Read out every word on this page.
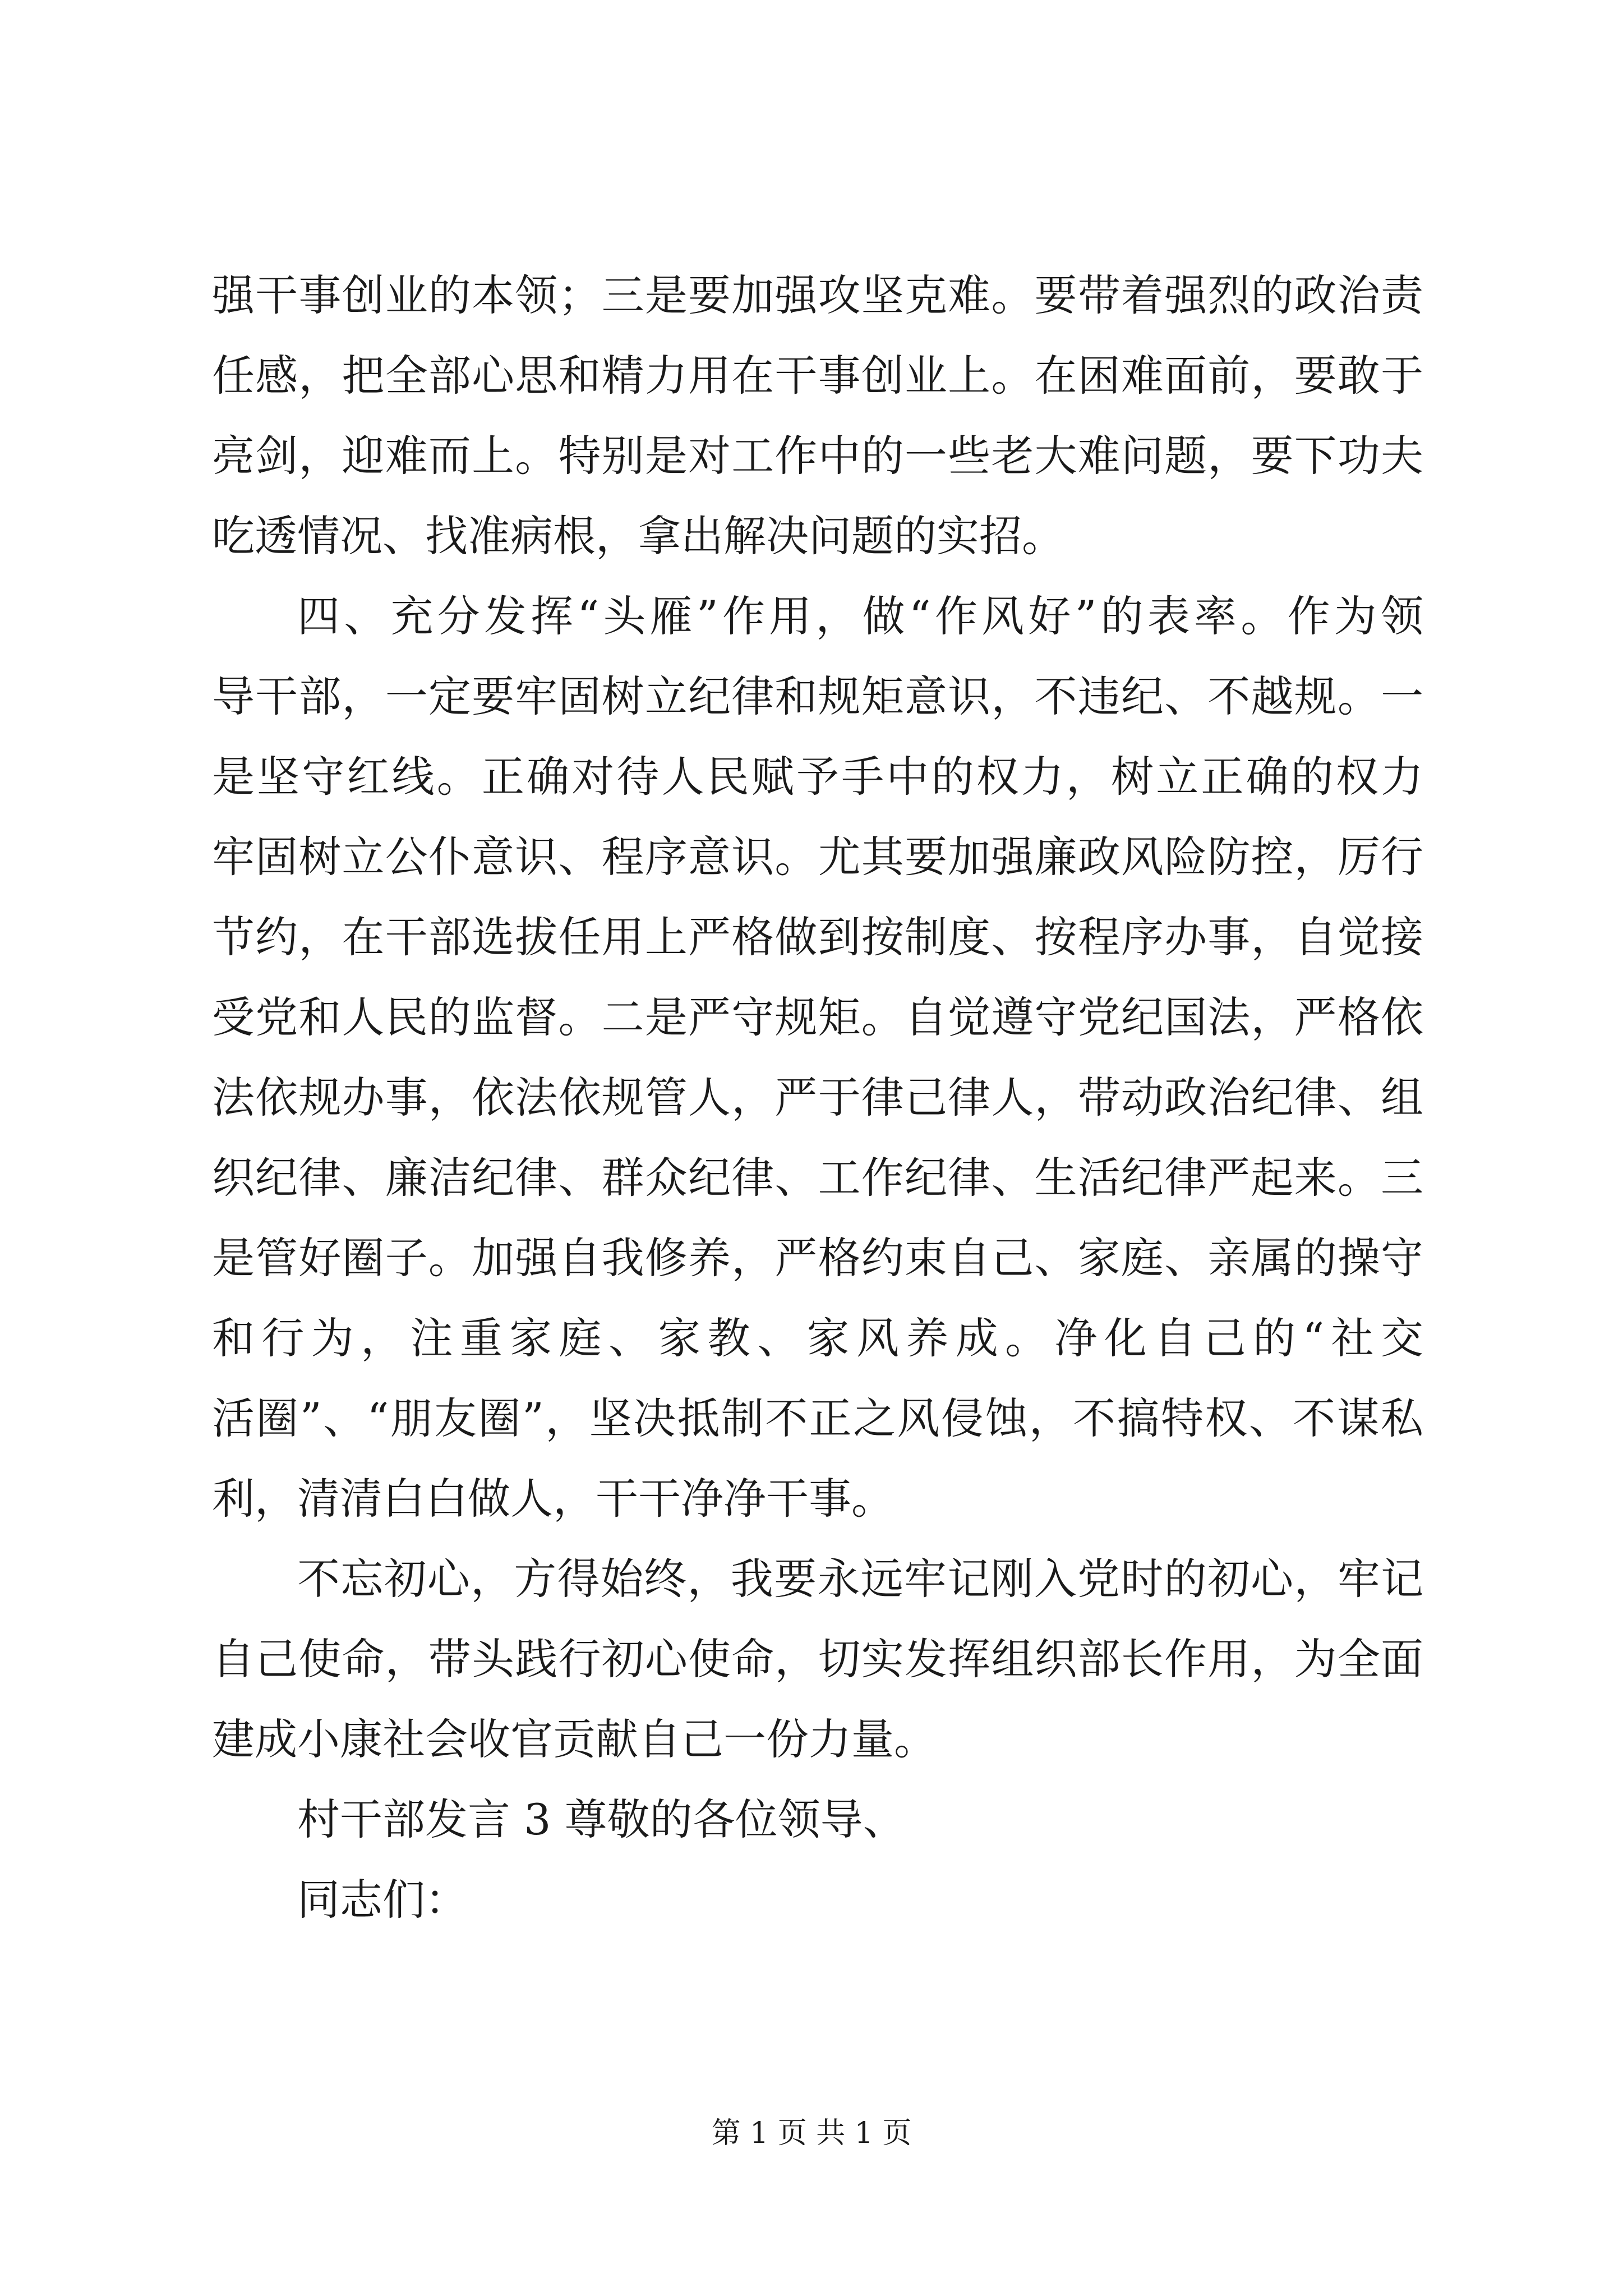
强干事创业的本领；三是要加强攻坚克难。要带着强烈的政治责
任感，把全部心思和精力用在干事创业上。在困难面前，要敢于
亮剑，迎难而上。特别是对工作中的一些老大难问题，要下功夫
吃透情况、找准病根，拿出解决问题的实招。
四、充分发挥“头雁”作用，做“作风好”的表率。作为领
导干部，一定要牢固树立纪律和规矩意识，不违纪、不越规。一
是坚守红线。正确对待人民赋予手中的权力，树立正确的权力
牢固树立公仆意识、程序意识。尤其要加强廉政风险防控，厉行
节约，在干部选拔任用上严格做到按制度、按程序办事，自觉接
受党和人民的监督。二是严守规矩。自觉遵守党纪国法，严格依
法依规办事，依法依规管人，严于律己律人，带动政治纪律、组
织纪律、廉洁纪律、群众纪律、工作纪律、生活纪律严起来。三
是管好圈子。加强自我修养，严格约束自己、家庭、亲属的操守
和行为，注重家庭、家教、家风养成。净化自己的“社交
活圈”、“朋友圈”，坚决抵制不正之风侵蚀，不搞特权、不谋私
利，清清白白做人，干干净净干事。
不忘初心，方得始终，我要永远牢记刚入党时的初心，牢记
自己使命，带头践行初心使命，切实发挥组织部长作用，为全面
建成小康社会收官贡献自己一份力量。
村干部发言 3 尊敬的各位领导、
同志们：
第 1 页 共 1 页
